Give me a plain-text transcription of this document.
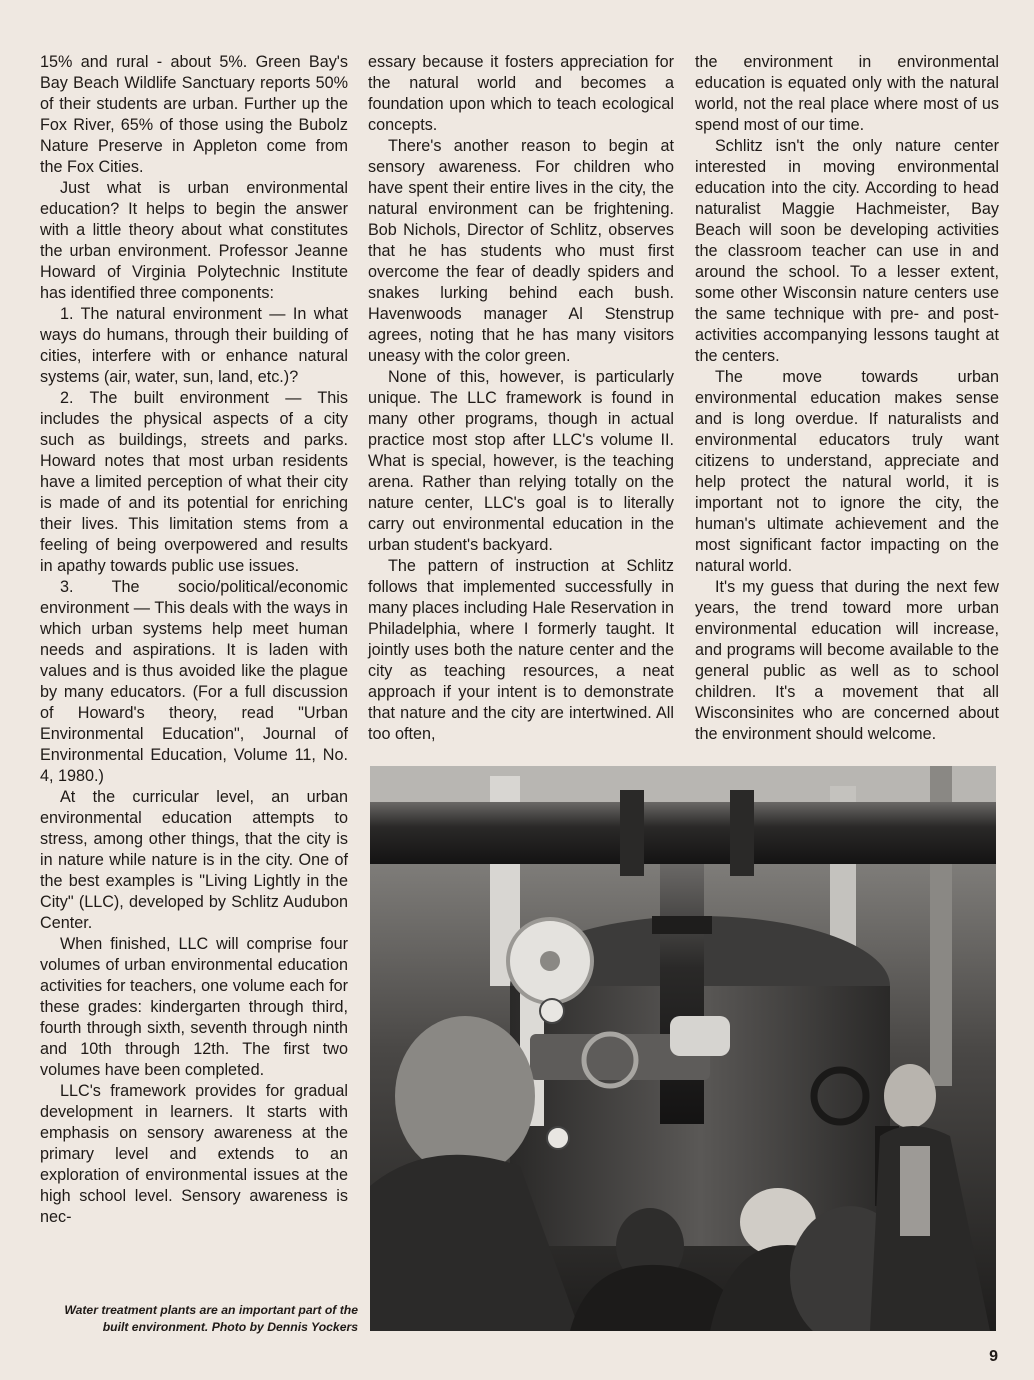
15% and rural - about 5%. Green Bay's Bay Beach Wildlife Sanctuary reports 50% of their students are urban. Further up the Fox River, 65% of those using the Bubolz Nature Preserve in Appleton come from the Fox Cities.

Just what is urban environmental education? It helps to begin the answer with a little theory about what constitutes the urban environment. Professor Jeanne Howard of Virginia Polytechnic Institute has identified three components:

1. The natural environment — In what ways do humans, through their building of cities, interfere with or enhance natural systems (air, water, sun, land, etc.)?

2. The built environment — This includes the physical aspects of a city such as buildings, streets and parks. Howard notes that most urban residents have a limited perception of what their city is made of and its potential for enriching their lives. This limitation stems from a feeling of being overpowered and results in apathy towards public use issues.

3. The socio/political/economic environment — This deals with the ways in which urban systems help meet human needs and aspirations. It is laden with values and is thus avoided like the plague by many educators. (For a full discussion of Howard's theory, read "Urban Environmental Education", Journal of Environmental Education, Volume 11, No. 4, 1980.)

At the curricular level, an urban environmental education attempts to stress, among other things, that the city is in nature while nature is in the city. One of the best examples is "Living Lightly in the City" (LLC), developed by Schlitz Audubon Center.

When finished, LLC will comprise four volumes of urban environmental education activities for teachers, one volume each for these grades: kindergarten through third, fourth through sixth, seventh through ninth and 10th through 12th. The first two volumes have been completed.

LLC's framework provides for gradual development in learners. It starts with emphasis on sensory awareness at the primary level and extends to an exploration of environmental issues at the high school level. Sensory awareness is nec-

essary because it fosters appreciation for the natural world and becomes a foundation upon which to teach ecological concepts.

There's another reason to begin at sensory awareness. For children who have spent their entire lives in the city, the natural environment can be frightening. Bob Nichols, Director of Schlitz, observes that he has students who must first overcome the fear of deadly spiders and snakes lurking behind each bush. Havenwoods manager Al Stenstrup agrees, noting that he has many visitors uneasy with the color green.

None of this, however, is particularly unique. The LLC framework is found in many other programs, though in actual practice most stop after LLC's volume II. What is special, however, is the teaching arena. Rather than relying totally on the nature center, LLC's goal is to literally carry out environmental education in the urban student's backyard.

The pattern of instruction at Schlitz follows that implemented successfully in many places including Hale Reservation in Philadelphia, where I formerly taught. It jointly uses both the nature center and the city as teaching resources, a neat approach if your intent is to demonstrate that nature and the city are intertwined. All too often,

the environment in environmental education is equated only with the natural world, not the real place where most of us spend most of our time.

Schlitz isn't the only nature center interested in moving environmental education into the city. According to head naturalist Maggie Hachmeister, Bay Beach will soon be developing activities the classroom teacher can use in and around the school. To a lesser extent, some other Wisconsin nature centers use the same technique with pre- and post-activities accompanying lessons taught at the centers.

The move towards urban environmental education makes sense and is long overdue. If naturalists and environmental educators truly want citizens to understand, appreciate and help protect the natural world, it is important not to ignore the city, the human's ultimate achievement and the most significant factor impacting on the natural world.

It's my guess that during the next few years, the trend toward more urban environmental education will increase, and programs will become available to the general public as well as to school children. It's a movement that all Wisconsinites who are concerned about the environment should welcome.

Water treatment plants are an important part of the built environment. Photo by Dennis Yockers
9
